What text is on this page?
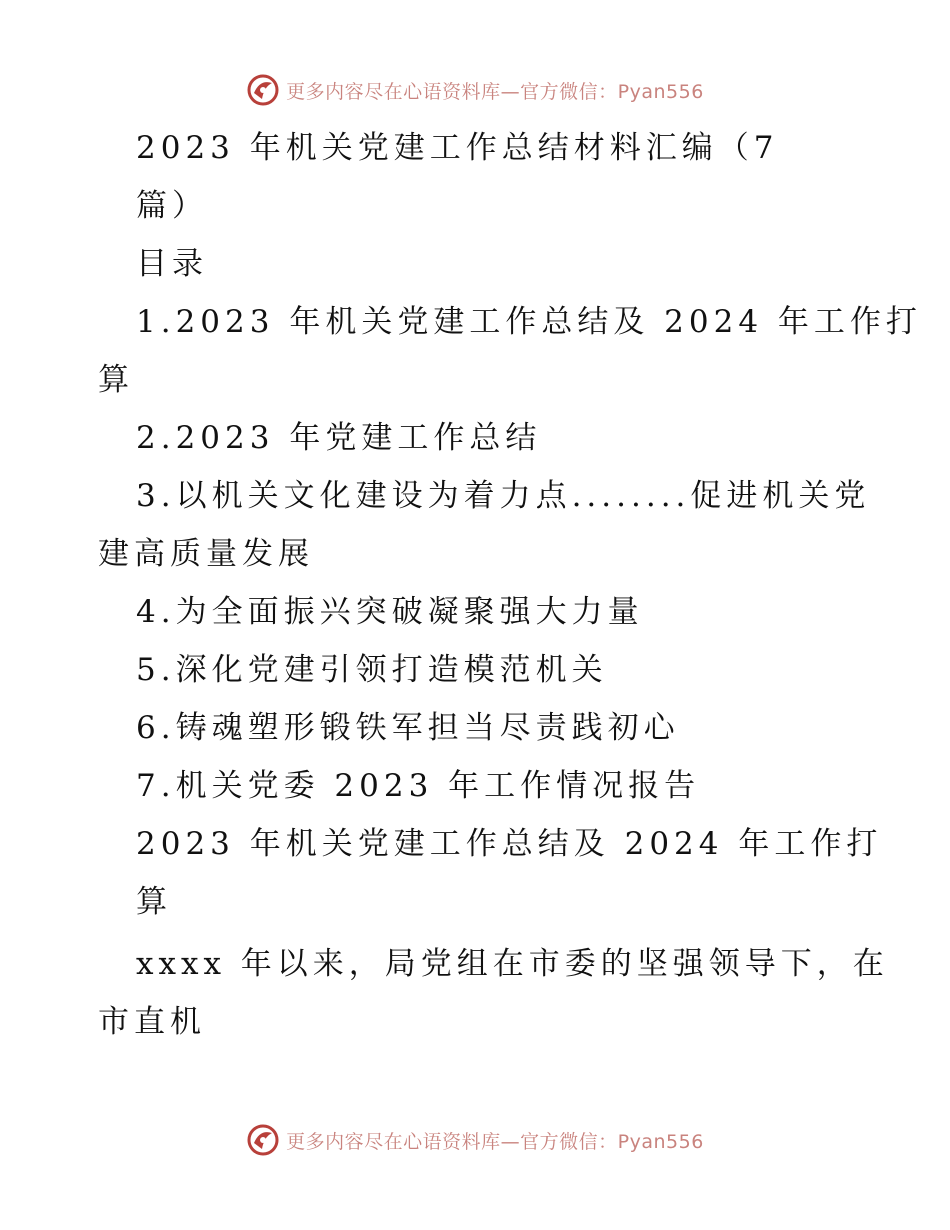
更多内容尽在心语资料库—官方微信：Pyan556
2023 年机关党建工作总结材料汇编（7
篇）
目录
1.2023 年机关党建工作总结及 2024 年工作打
算
2.2023 年党建工作总结
3.以机关文化建设为着力点........促进机关党
建高质量发展
4.为全面振兴突破凝聚强大力量
5.深化党建引领打造模范机关
6.铸魂塑形锻铁军担当尽责践初心
7.机关党委 2023 年工作情况报告
2023 年机关党建工作总结及 2024 年工作打
算
xxxx 年以来，局党组在市委的坚强领导下，在
市直机
更多内容尽在心语资料库—官方微信：Pyan556
